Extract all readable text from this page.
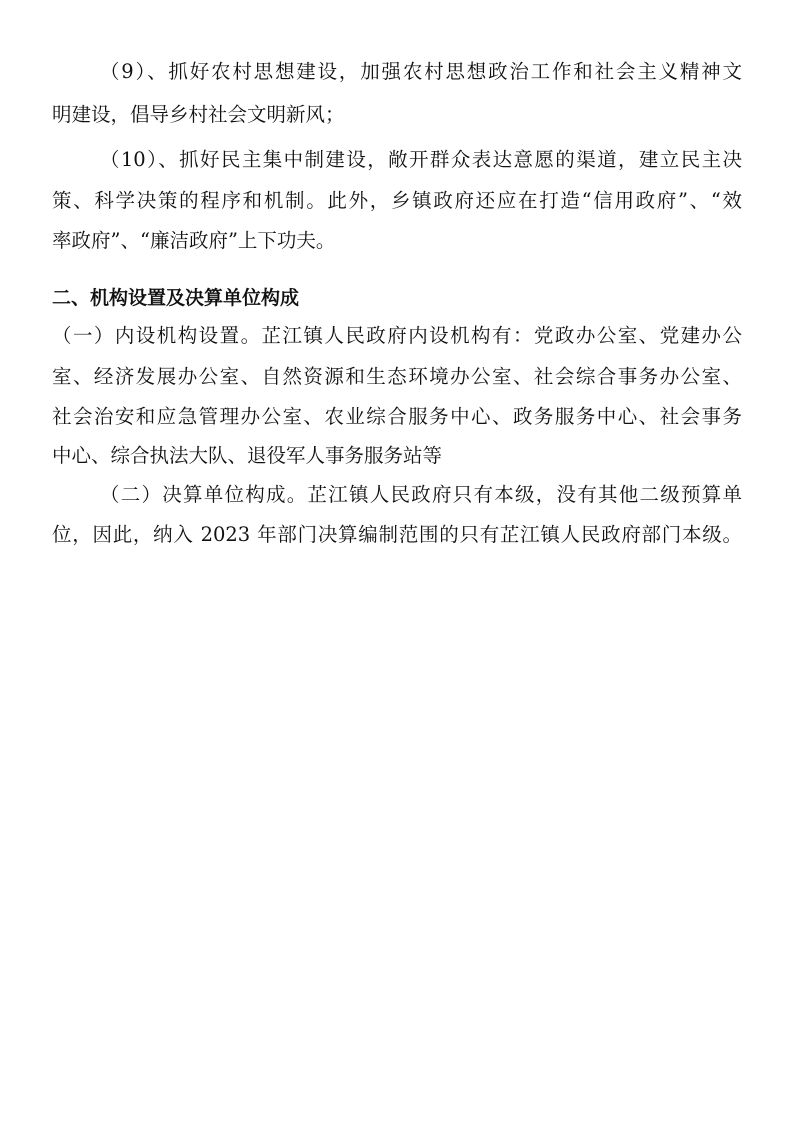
（9）、抓好农村思想建设，加强农村思想政治工作和社会主义精神文
明建设，倡导乡村社会文明新风；
（10）、抓好民主集中制建设，敞开群众表达意愿的渠道，建立民主决
策、科学决策的程序和机制。此外，乡镇政府还应在打造“信用政府”、“效
率政府”、“廉洁政府”上下功夫。
二、机构设置及决算单位构成
（一）内设机构设置。芷江镇人民政府内设机构有：党政办公室、党建办公
室、经济发展办公室、自然资源和生态环境办公室、社会综合事务办公室、
社会治安和应急管理办公室、农业综合服务中心、政务服务中心、社会事务
中心、综合执法大队、退役军人事务服务站等
（二）决算单位构成。芷江镇人民政府只有本级，没有其他二级预算单
位，因此，纳入 2023 年部门决算编制范围的只有芷江镇人民政府部门本级。
